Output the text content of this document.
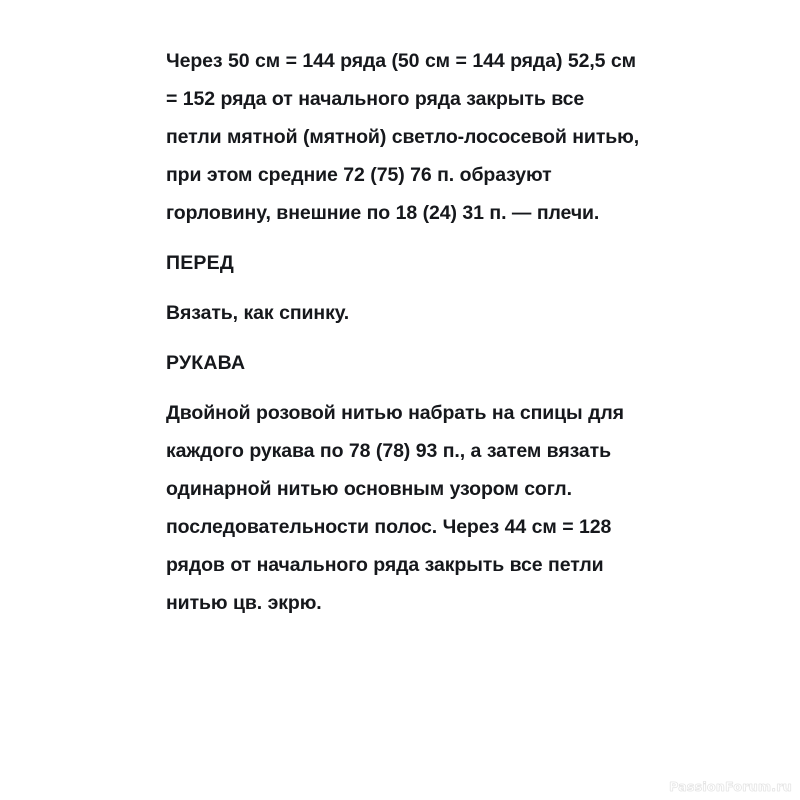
Через 50 см = 144 ряда (50 см = 144 ряда) 52,5 см = 152 ряда от начального ряда закрыть все петли мятной (мятной) светло-лососевой нитью, при этом средние 72 (75) 76 п. образуют горловину, внешние по 18 (24) 31 п. — плечи.

ПЕРЕД

Вязать, как спинку.

РУКАВА

Двойной розовой нитью набрать на спицы для каждого рукава по 78 (78) 93 п., а затем вязать одинарной нитью основным узором согл. последовательности полос. Через 44 см = 128 рядов от начального ряда закрыть все петли нитью цв. экрю.

PassionForum.ru
